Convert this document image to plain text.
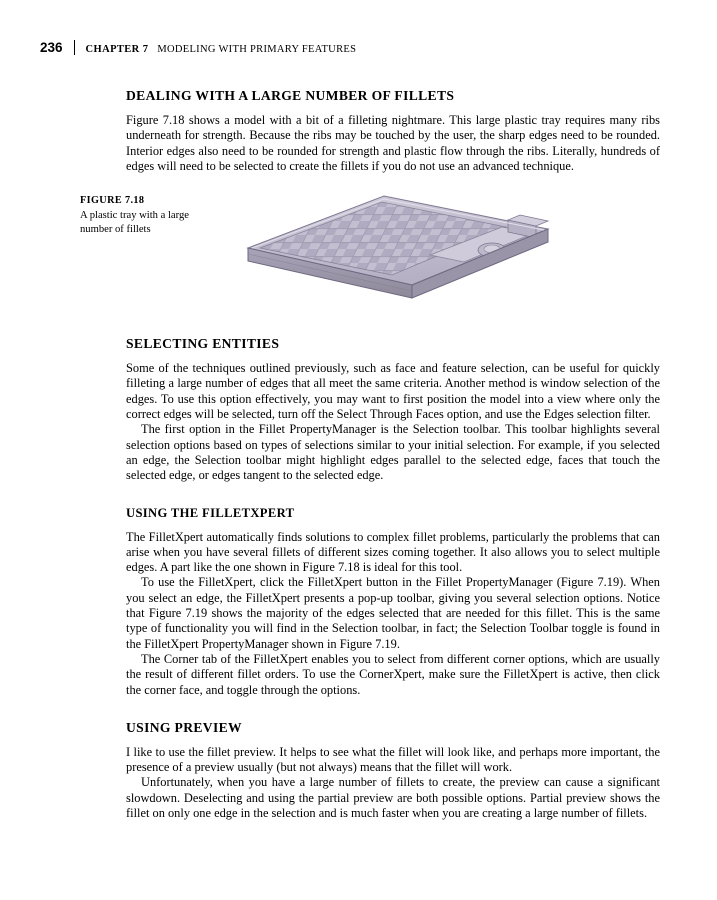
236	CHAPTER 7 MODELING WITH PRIMARY FEATURES
DEALING WITH A LARGE NUMBER OF FILLETS

Figure 7.18 shows a model with a bit of a filleting nightmare. This large plastic tray requires many ribs underneath for strength. Because the ribs may be touched by the user, the sharp edges need to be rounded. Interior edges also need to be rounded for strength and plastic flow through the ribs. Literally, hundreds of edges will need to be selected to create the fillets if you do not use an advanced technique.

FIGURE 7.18
A plastic tray with a large number of fillets
SELECTING ENTITIES

Some of the techniques outlined previously, such as face and feature selection, can be useful for quickly filleting a large number of edges that all meet the same criteria. Another method is window selection of the edges. To use this option effectively, you may want to first position the model into a view where only the correct edges will be selected, turn off the Select Through Faces option, and use the Edges selection filter.

The first option in the Fillet PropertyManager is the Selection toolbar. This toolbar highlights several selection options based on types of selections similar to your initial selection. For example, if you selected an edge, the Selection toolbar might highlight edges parallel to the selected edge, faces that touch the selected edge, or edges tangent to the selected edge.

USING THE FILLETXPERT

The FilletXpert automatically finds solutions to complex fillet problems, particularly the problems that can arise when you have several fillets of different sizes coming together. It also allows you to select multiple edges. A part like the one shown in Figure 7.18 is ideal for this tool.

To use the FilletXpert, click the FilletXpert button in the Fillet PropertyManager (Figure 7.19). When you select an edge, the FilletXpert presents a pop-up toolbar, giving you several selection options. Notice that Figure 7.19 shows the majority of the edges selected that are needed for this fillet. This is the same type of functionality you will find in the Selection toolbar, in fact; the Selection Toolbar toggle is found in the FilletXpert PropertyManager shown in Figure 7.19.

The Corner tab of the FilletXpert enables you to select from different corner options, which are usually the result of different fillet orders. To use the CornerXpert, make sure the FilletXpert is active, then click the corner face, and toggle through the options.

USING PREVIEW

I like to use the fillet preview. It helps to see what the fillet will look like, and perhaps more important, the presence of a preview usually (but not always) means that the fillet will work.

Unfortunately, when you have a large number of fillets to create, the preview can cause a significant slowdown. Deselecting and using the partial preview are both possible options. Partial preview shows the fillet on only one edge in the selection and is much faster when you are creating a large number of fillets.
